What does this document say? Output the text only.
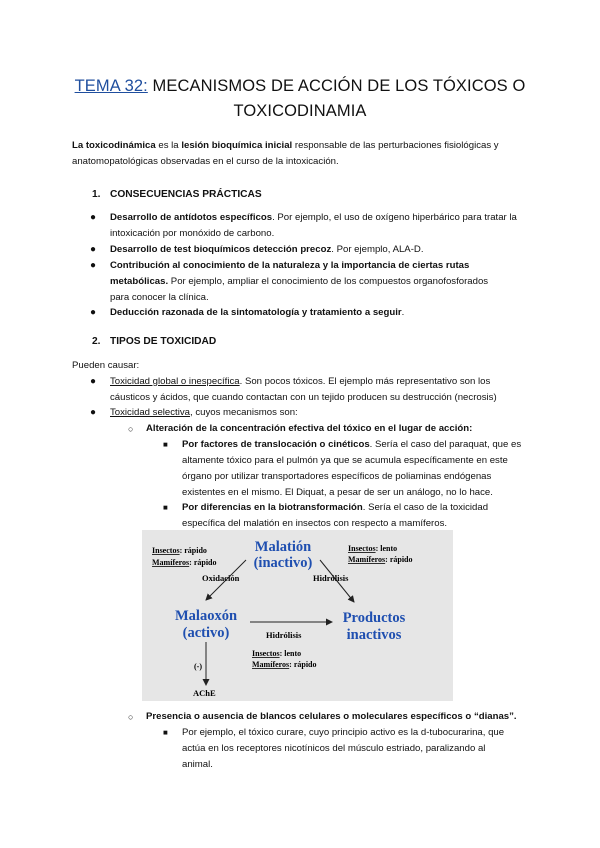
TEMA 32: MECANISMOS DE ACCIÓN DE LOS TÓXICOS O
TOXICODINAMIA
La toxicodinámica es la lesión bioquímica inicial responsable de las perturbaciones fisiológicas y
anatomopatológicas observadas en el curso de la intoxicación.
1. CONSECUENCIAS PRÁCTICAS
● Desarrollo de antídotos específicos. Por ejemplo, el uso de oxígeno hiperbárico para tratar la
intoxicación por monóxido de carbono.
● Desarrollo de test bioquímicos detección precoz. Por ejemplo, ALA-D.
● Contribución al conocimiento de la naturaleza y la importancia de ciertas rutas
metabólicas. Por ejemplo, ampliar el conocimiento de los compuestos organofosforados
para conocer la clínica.
● Deducción razonada de la sintomatología y tratamiento a seguir.
2. TIPOS DE TOXICIDAD
Pueden causar:
● Toxicidad global o inespecífica. Son pocos tóxicos. El ejemplo más representativo son los
cáusticos y ácidos, que cuando contactan con un tejido producen su destrucción (necrosis)
● Toxicidad selectiva, cuyos mecanismos son:
○ Alteración de la concentración efectiva del tóxico en el lugar de acción:
■ Por factores de translocación o cinéticos. Sería el caso del paraquat, que es
altamente tóxico para el pulmón ya que se acumula específicamente en este
órgano por utilizar transportadores específicos de poliaminas endógenas
existentes en el mismo. El Diquat, a pesar de ser un análogo, no lo hace.
■ Por diferencias en la biotransformación. Sería el caso de la toxicidad
específica del malatión en insectos con respecto a mamíferos.
Insectos: rápido
Mamíferos: rápido
Insectos: lento
Mamíferos: rápido
Malatión
(inactivo)
Oxidación	Hidrólisis
Malaoxón
(activo)
Productos
inactivos
Hidrólisis
Insectos: lento
Mamíferos: rápido
(-)
AChE
○ Presencia o ausencia de blancos celulares o moleculares específicos o “dianas”.
■ Por ejemplo, el tóxico curare, cuyo principio activo es la d-tubocurarina, que
actúa en los receptores nicotínicos del músculo estriado, paralizando al
animal.
